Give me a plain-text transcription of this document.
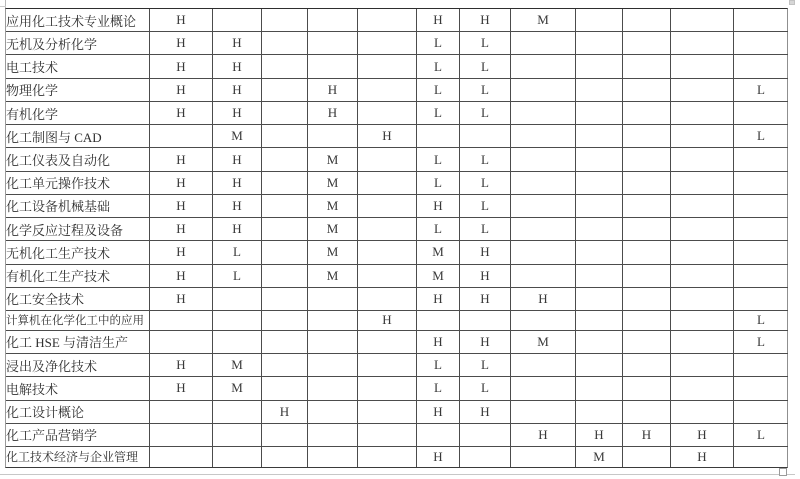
应用化工技术专业概论	H					H	H	M				
无机及分析化学	H	H				L	L					
电工技术	H	H				L	L					
物理化学	H	H		H		L	L					L
有机化学	H	H		H		L	L					
化工制图与 CAD		M			H							L
化工仪表及自动化	H	H		M		L	L					
化工单元操作技术	H	H		M		L	L					
化工设备机械基础	H	H		M		H	L					
化学反应过程及设备	H	H		M		L	L					
无机化工生产技术	H	L		M		M	H					
有机化工生产技术	H	L		M		M	H					
化工安全技术	H					H	H	H				
计算机在化学化工中的应用					H							L
化工 HSE 与清洁生产						H	H	M				L
浸出及净化技术	H	M				L	L					
电解技术	H	M				L	L					
化工设计概论			H			H	H					
化工产品营销学								H	H	H	H	L
化工技术经济与企业管理						H			M		H	
